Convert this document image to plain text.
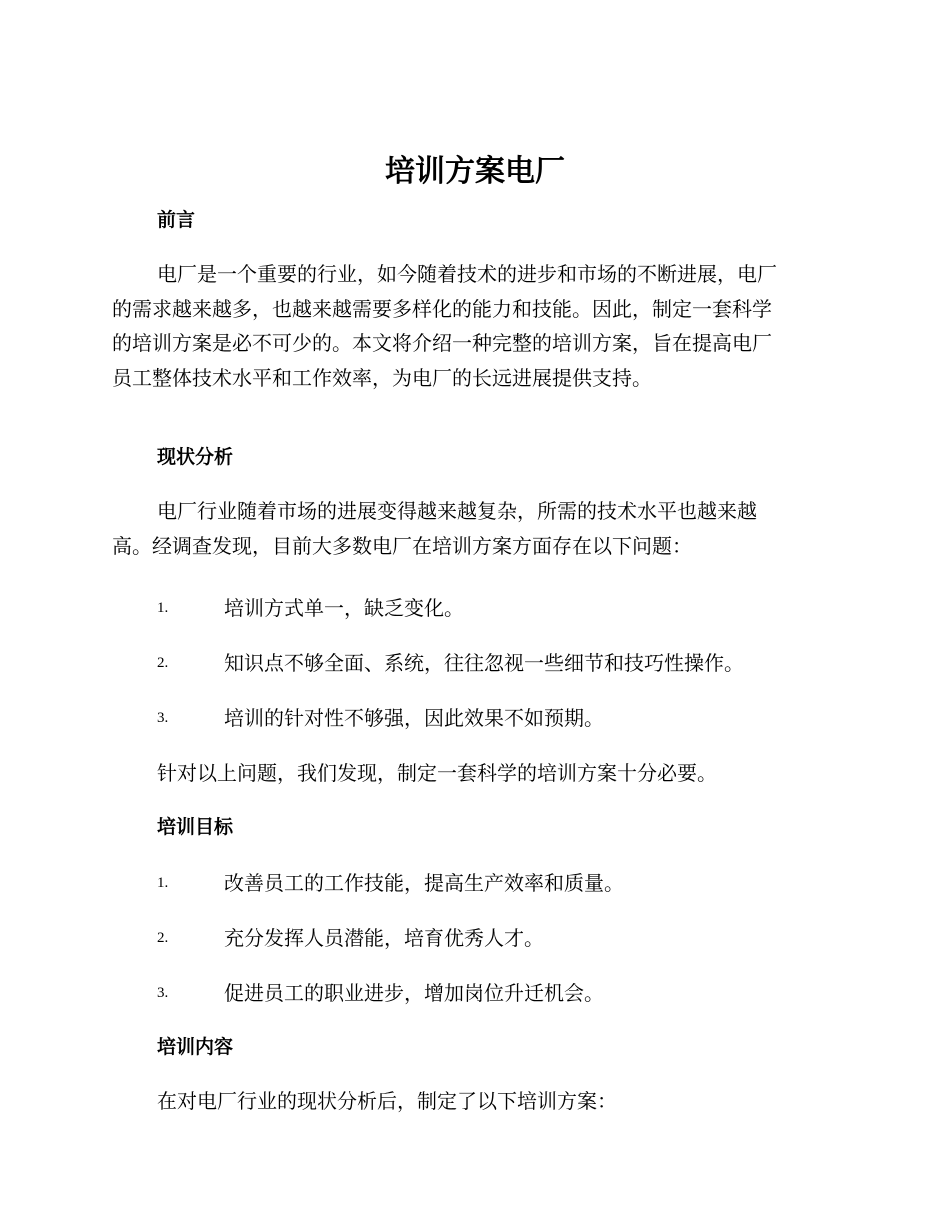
培训方案电厂
前言

电厂是一个重要的行业，如今随着技术的进步和市场的不断进展，电厂
的需求越来越多，也越来越需要多样化的能力和技能。因此，制定一套科学
的培训方案是必不可少的。本文将介绍一种完整的培训方案，旨在提高电厂
员工整体技术水平和工作效率，为电厂的长远进展提供支持。

现状分析

电厂行业随着市场的进展变得越来越复杂，所需的技术水平也越来越
高。经调查发现，目前大多数电厂在培训方案方面存在以下问题：

1.	培训方式单一，缺乏变化。
2.	知识点不够全面、系统，往往忽视一些细节和技巧性操作。
3.	培训的针对性不够强，因此效果不如预期。

针对以上问题，我们发现，制定一套科学的培训方案十分必要。

培训目标
1.	改善员工的工作技能，提高生产效率和质量。
2.	充分发挥人员潜能，培育优秀人才。
3.	促进员工的职业进步，增加岗位升迁机会。
培训内容

在对电厂行业的现状分析后，制定了以下培训方案：
